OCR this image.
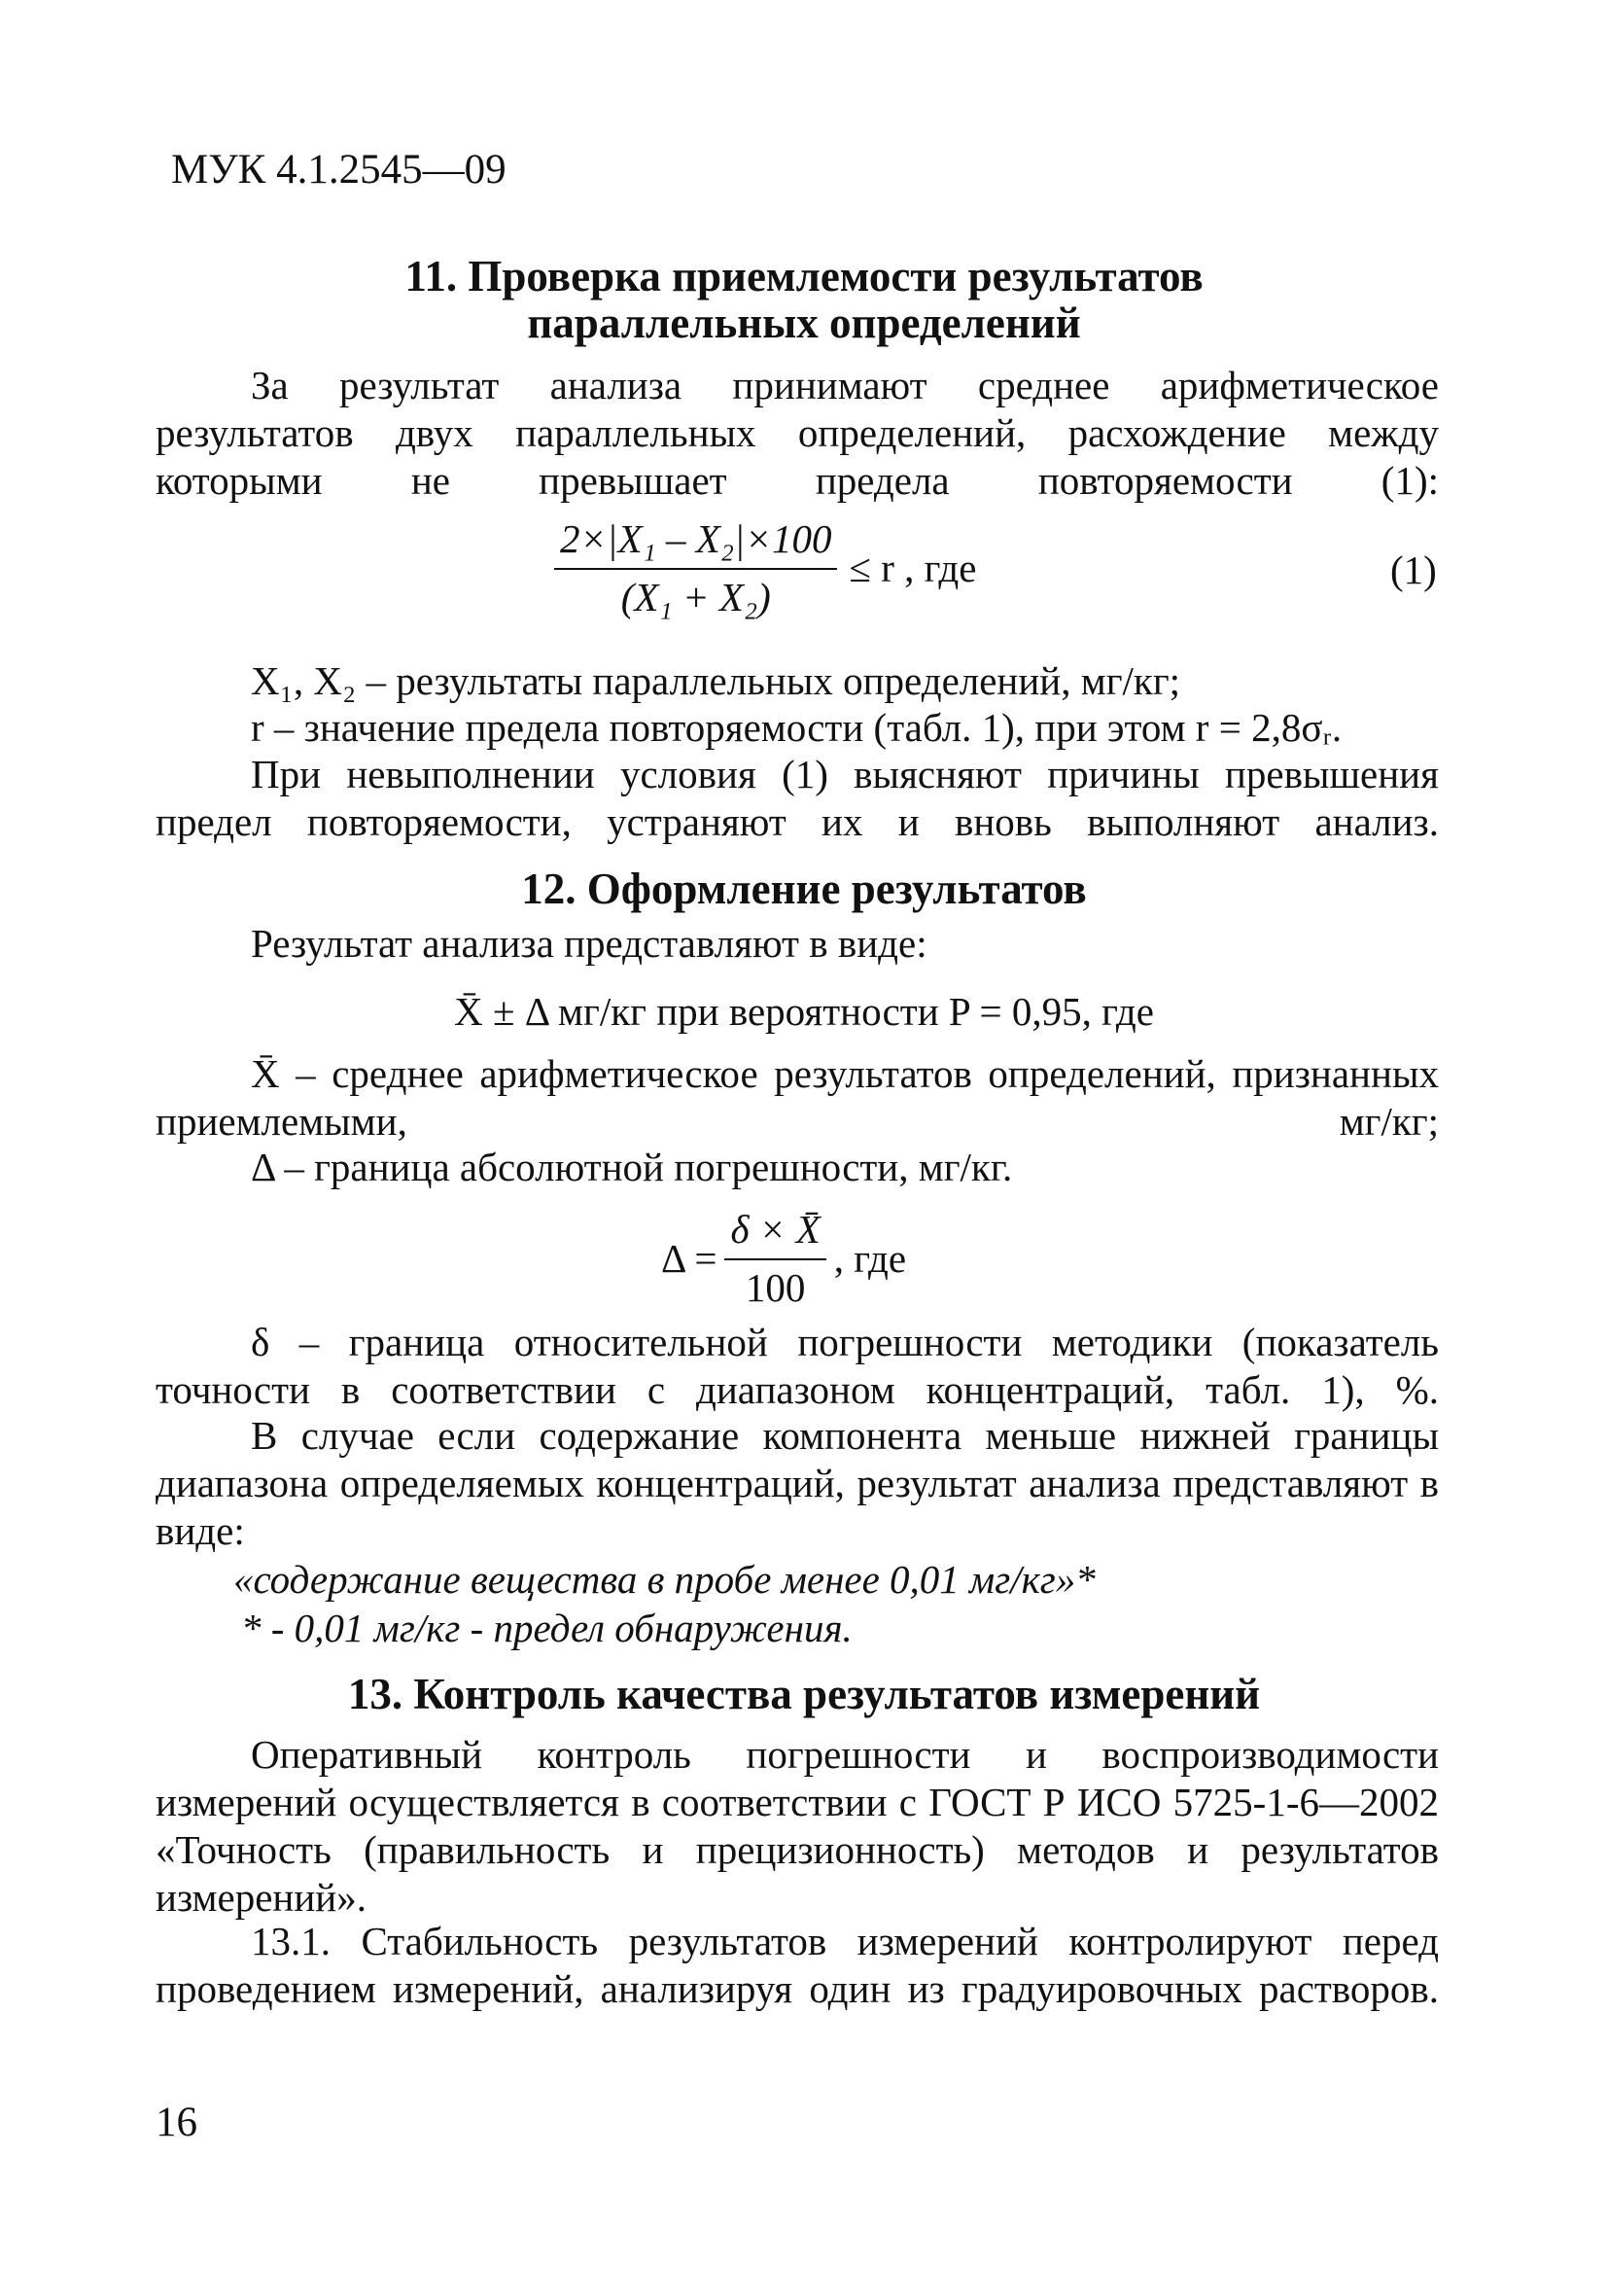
МУК 4.1.2545—09
11. Проверка приемлемости результатов
параллельных определений
За результат анализа принимают среднее арифметическое результатов двух параллельных определений, расхождение между которыми не превышает предела повторяемости (1):
$\frac{\text{2×|X₁ – X₂|×100}}{\text{(X₁ + X₂)}} \le r$ , где	(1)
X₁, X₂ – результаты параллельных определений, мг/кг;
r – значение предела повторяемости (табл. 1), при этом r = 2,8σᵣ.
При невыполнении условия (1) выясняют причины превышения предел повторяемости, устраняют их и вновь выполняют анализ.
12. Оформление результатов
Результат анализа представляют в виде:
X̄ ± Δ мг/кг при вероятности P = 0,95, где
X̄ – среднее арифметическое результатов определений, признанных приемлемыми, мг/кг;
Δ – граница абсолютной погрешности, мг/кг.
$\Delta = \frac{\delta \times X̄}{100}$ , где
δ – граница относительной погрешности методики (показатель точности в соответствии с диапазоном концентраций, табл. 1), %.
В случае если содержание компонента меньше нижней границы диапазона определяемых концентраций, результат анализа представляют в виде:
«содержание вещества в пробе менее 0,01 мг/кг»*
* - 0,01 мг/кг - предел обнаружения.
13. Контроль качества результатов измерений
Оперативный контроль погрешности и воспроизводимости измерений осуществляется в соответствии с ГОСТ Р ИСО 5725-1-6—2002 «Точность (правильность и прецизионность) методов и результатов измерений».
13.1. Стабильность результатов измерений контролируют перед проведением измерений, анализируя один из градуировочных растворов.
16
